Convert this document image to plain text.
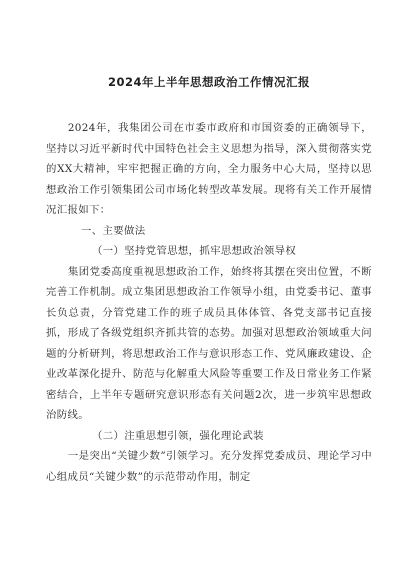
2024年上半年思想政治工作情况汇报

2024年，我集团公司在市委市政府和市国资委的正确领导下，坚持以习近平新时代中国特色社会主义思想为指导，深入贯彻落实党的XX大精神，牢牢把握正确的方向，全力服务中心大局，坚持以思想政治工作引领集团公司市场化转型改革发展。现将有关工作开展情况汇报如下：

一、主要做法

（一）坚持党管思想，抓牢思想政治领导权

集团党委高度重视思想政治工作，始终将其摆在突出位置，不断完善工作机制。成立集团思想政治工作领导小组，由党委书记、董事长负总责，分管党建工作的班子成员具体体管、各党支部书记直接抓，形成了各级党组织齐抓共管的态势。加强对思想政治领域重大问题的分析研判，将思想政治工作与意识形态工作、党风廉政建设、企业改革深化提升、防范与化解重大风险等重要工作及日常业务工作紧密结合，上半年专题研究意识形态有关问题2次，进一步筑牢思想政治防线。

（二）注重思想引领，强化理论武装

一是突出“关键少数”引领学习。充分发挥党委成员、理论学习中心组成员“关键少数”的示范带动作用，制定
